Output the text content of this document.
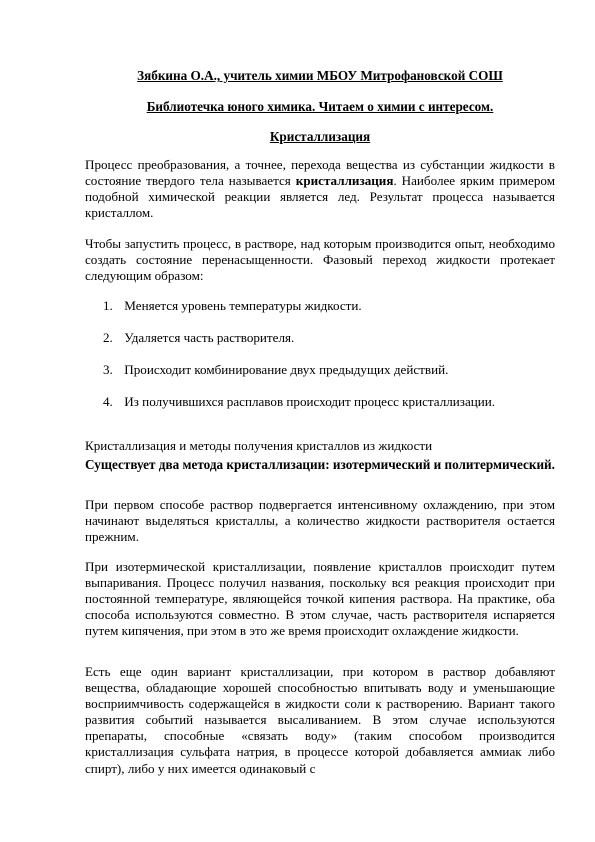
Зябкина О.А., учитель химии МБОУ Митрофановской СОШ

Библиотечка юного химика. Читаем о химии с интересом.

Кристаллизация

Процесс преобразования, а точнее, перехода вещества из субстанции жидкости в состояние твердого тела называется кристаллизация. Наиболее ярким примером подобной химической реакции является лед. Результат процесса называется кристаллом.

Чтобы запустить процесс, в растворе, над которым производится опыт, необходимо создать состояние перенасыщенности. Фазовый переход жидкости протекает следующим образом:

1. Меняется уровень температуры жидкости.
2. Удаляется часть растворителя.
3. Происходит комбинирование двух предыдущих действий.
4. Из получившихся расплавов происходит процесс кристаллизации.

Кристаллизация и методы получения кристаллов из жидкости

Существует два метода кристаллизации: изотермический и политермический.

При первом способе раствор подвергается интенсивному охлаждению, при этом начинают выделяться кристаллы, а количество жидкости растворителя остается прежним.

При изотермической кристаллизации, появление кристаллов происходит путем выпаривания. Процесс получил названия, поскольку вся реакция происходит при постоянной температуре, являющейся точкой кипения раствора. На практике, оба способа используются совместно. В этом случае, часть растворителя испаряется путем кипячения, при этом в это же время происходит охлаждение жидкости.

Есть еще один вариант кристаллизации, при котором в раствор добавляют вещества, обладающие хорошей способностью впитывать воду и уменьшающие восприимчивость содержащейся в жидкости соли к растворению. Вариант такого развития событий называется высаливанием. В этом случае используются препараты, способные «связать воду» (таким способом производится кристаллизация сульфата натрия, в процессе которой добавляется аммиак либо спирт), либо у них имеется одинаковый с
